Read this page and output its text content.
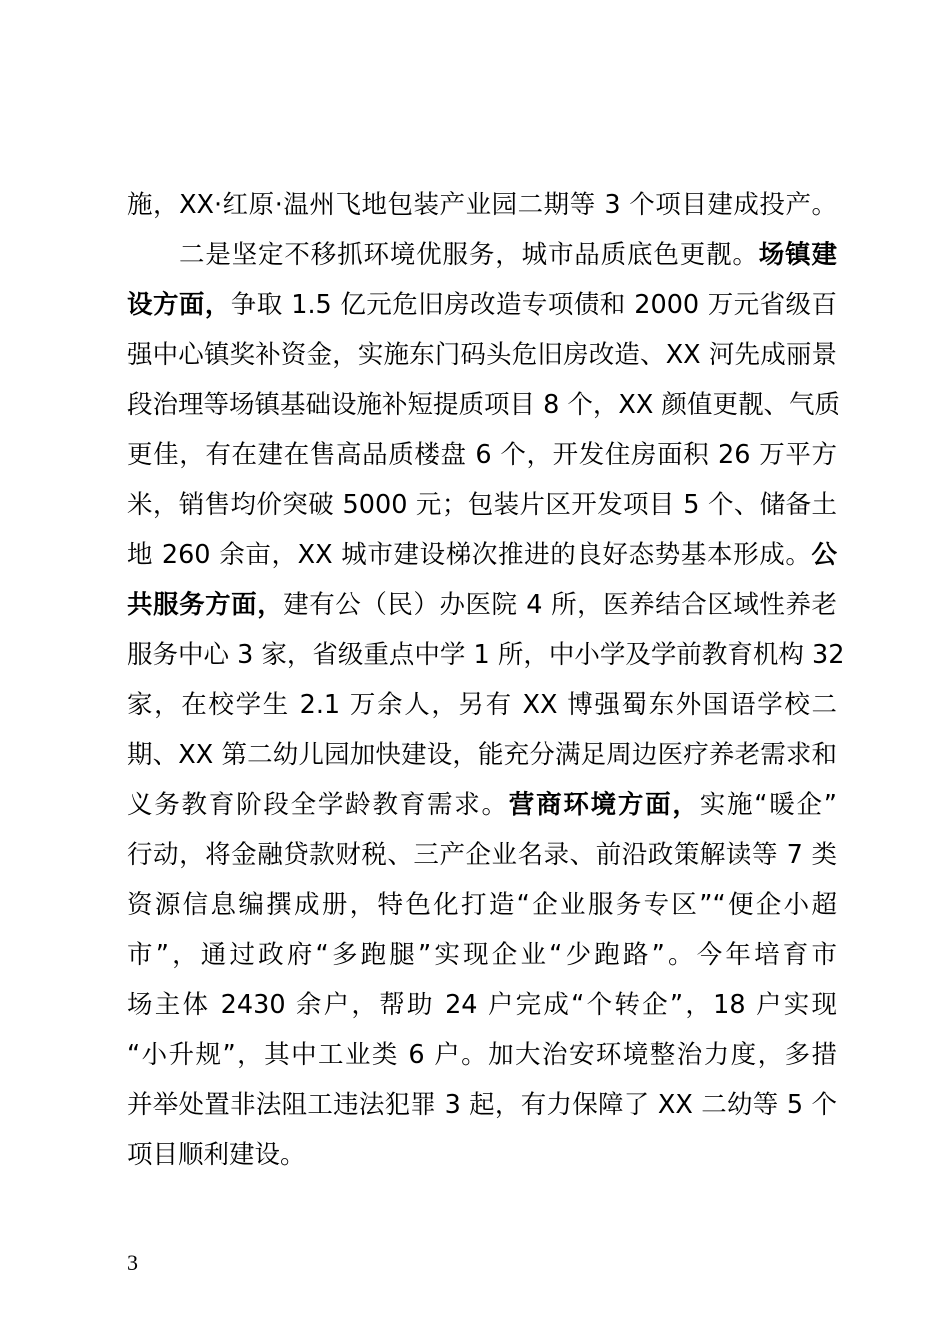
施，XX·红原·温州飞地包装产业园二期等 3 个项目建成投产。
二是坚定不移抓环境优服务，城市品质底色更靓。场镇建
设方面，争取 1.5 亿元危旧房改造专项债和 2000 万元省级百
强中心镇奖补资金，实施东门码头危旧房改造、XX 河先成丽景
段治理等场镇基础设施补短提质项目 8 个，XX 颜值更靓、气质
更佳，有在建在售高品质楼盘 6 个，开发住房面积 26 万平方
米，销售均价突破 5000 元；包装片区开发项目 5 个、储备土
地 260 余亩，XX 城市建设梯次推进的良好态势基本形成。公
共服务方面，建有公（民）办医院 4 所，医养结合区域性养老
服务中心 3 家，省级重点中学 1 所，中小学及学前教育机构 32
家，在校学生 2.1 万余人，另有 XX 博强蜀东外国语学校二
期、XX 第二幼儿园加快建设，能充分满足周边医疗养老需求和
义务教育阶段全学龄教育需求。营商环境方面，实施“暖企”
行动，将金融贷款财税、三产企业名录、前沿政策解读等 7 类
资源信息编撰成册，特色化打造“企业服务专区”“便企小超
市”，通过政府“多跑腿”实现企业“少跑路”。今年培育市
场主体 2430 余户，帮助 24 户完成“个转企”，18 户实现
“小升规”，其中工业类 6 户。加大治安环境整治力度，多措
并举处置非法阻工违法犯罪 3 起，有力保障了 XX 二幼等 5 个
项目顺利建设。
3
